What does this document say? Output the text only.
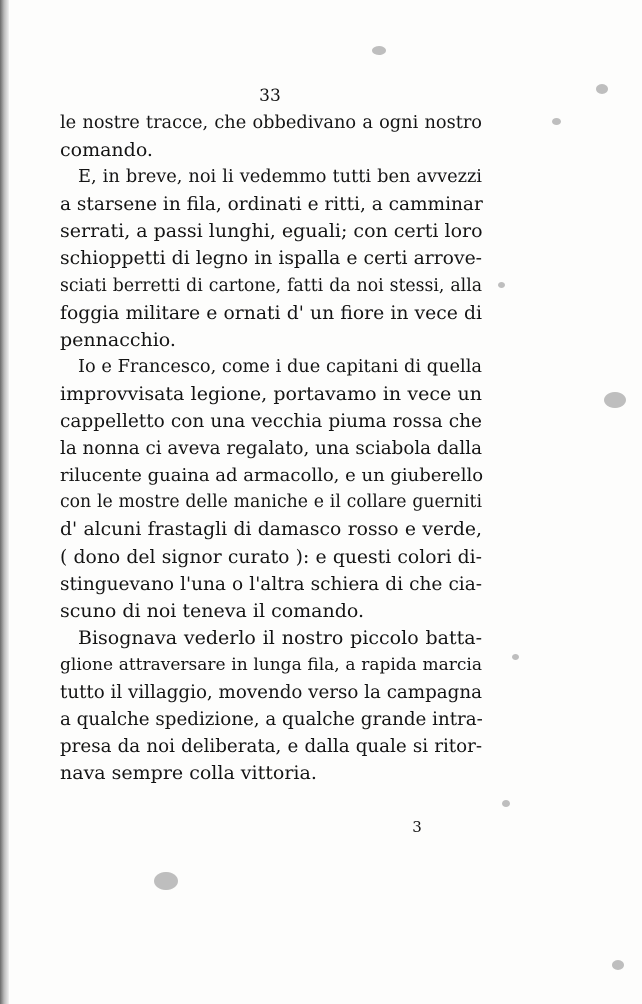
33
le nostre tracce, che obbedivano a ogni nostro
comando.
E, in breve, noi li vedemmo tutti ben avvezzi
a starsene in fila, ordinati e ritti, a camminar
serrati, a passi lunghi, eguali; con certi loro
schioppetti di legno in ispalla e certi arrove-
sciati berretti di cartone, fatti da noi stessi, alla
foggia militare e ornati d' un fiore in vece di
pennacchio.
Io e Francesco, come i due capitani di quella
improvvisata legione, portavamo in vece un
cappelletto con una vecchia piuma rossa che
la nonna ci aveva regalato, una sciabola dalla
rilucente guaina ad armacollo, e un giuberello
con le mostre delle maniche e il collare guerniti
d' alcuni frastagli di damasco rosso e verde,
( dono del signor curato ): e questi colori di-
stinguevano l'una o l'altra schiera di che cia-
scuno di noi teneva il comando.
Bisognava vederlo il nostro piccolo batta-
glione attraversare in lunga fila, a rapida marcia
tutto il villaggio, movendo verso la campagna
a qualche spedizione, a qualche grande intra-
presa da noi deliberata, e dalla quale si ritor-
nava sempre colla vittoria.
3
